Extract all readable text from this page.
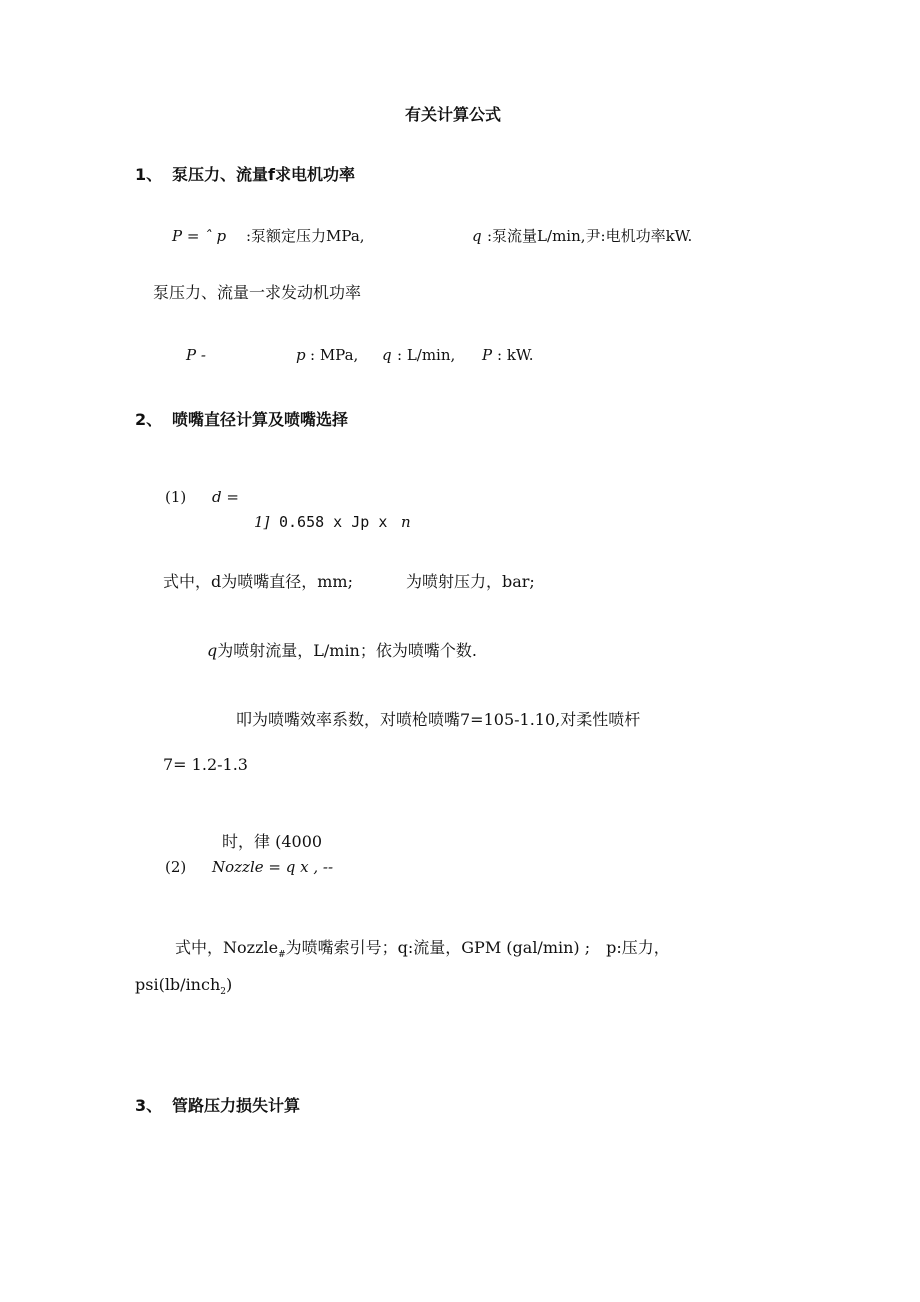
有关计算公式
1、 泵压力、流量f求电机功率
P = ˆ p :泵额定压力MPa,	q :泵流量L/min,尹:电机功率kW.
泵压力、流量一求发动机功率
P -	p : MPa, q : L/min, P : kW.
2、 喷嘴直径计算及喷嘴选择
(1) d =
1] 0.658 x Jp x n
式中，d为喷嘴直径，mm;	为喷射压力，bar;
q为喷射流量，L/min；依为喷嘴个数.
叩为喷嘴效率系数，对喷枪喷嘴7=105-1.10,对柔性喷杆
7= 1.2-1.3
时，律 (4000
(2) Nozzle = q x , --
式中，Nozzle$_{\#}$为喷嘴索引号；q:流量，GPM (gal/min) ;　p:压力，
psi(lb/inch$_2$)
3、 管路压力损失计算
